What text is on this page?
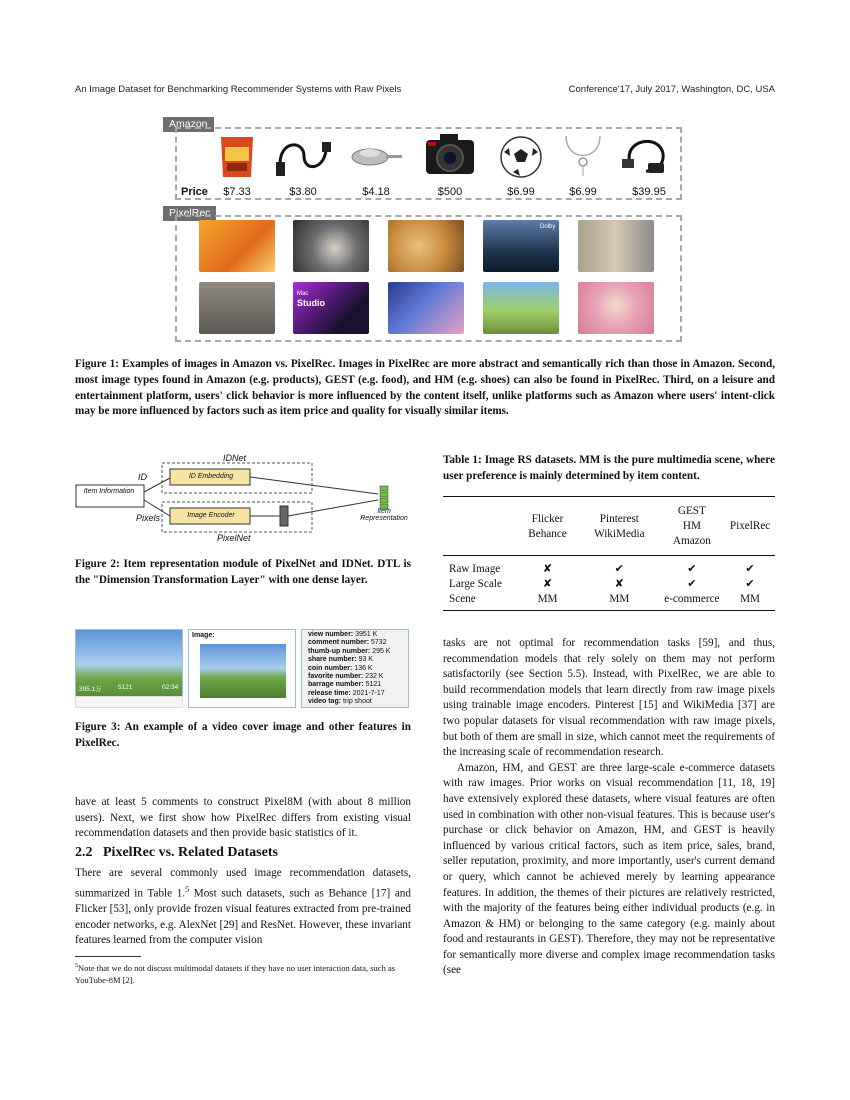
An Image Dataset for Benchmarking Recommender Systems with Raw Pixels	Conference'17, July 2017, Washington, DC, USA
Amazon
Price	$7.33	$3.80	$4.18	$500	$6.99	$6.99	$39.95
PixelRec
Dolby
Mac
Studio
Figure 1: Examples of images in Amazon vs. PixelRec. Images in PixelRec are more abstract and semantically rich than those in Amazon. Second, most image types found in Amazon (e.g. products), GEST (e.g. food), and HM (e.g. shoes) can also be found in PixelRec. Third, on a leisure and entertainment platform, users' click behavior is more influenced by the content itself, unlike platforms such as Amazon where users' intent-click may be more influenced by factors such as item price and quality for visually similar items.
IDNet
PixelNet
ID
Pixels
Item Information
ID Embedding
Image Encoder
Item Representation
Figure 2: Item representation module of PixelNet and IDNet. DTL is the "Dimension Transformation Layer" with one dense layer.
395.1万 5121	02:34
Image:	view number: 3951 K
comment number: 5732
thumb-up number: 295 K
share number: 93 K
coin number: 136 K
favorite number: 232 K
barrage number: 5121
release time: 2021-7-17
video tag: trip shoot
Figure 3: An example of a video cover image and other features in PixelRec.
have at least 5 comments to construct Pixel8M (with about 8 million users). Next, we first show how PixelRec differs from existing visual recommendation datasets and then provide basic statistics of it.
2.2 PixelRec vs. Related Datasets
There are several commonly used image recommendation datasets, summarized in Table 1.$^5$ Most such datasets, such as Behance [17] and Flicker [53], only provide frozen visual features extracted from pre-trained encoder networks, e.g. AlexNet [29] and ResNet. However, these invariant features learned from the computer vision
$^5$Note that we do not discuss multimodal datasets if they have no user interaction data, such as YouTube-8M [2].
Table 1: Image RS datasets. MM is the pure multimedia scene, where user preference is mainly determined by item content.

	Flicker Behance	Pinterest WikiMedia	GEST HM Amazon	PixelRec

Raw Image	✘	✔	✔	✔
Large Scale	✘	✘	✔	✔
Scene	MM	MM	e-commerce	MM

tasks are not optimal for recommendation tasks [59], and thus, recommendation models that rely solely on them may not perform satisfactorily (see Section 5.5). Instead, with PixelRec, we are able to build recommendation models that learn directly from raw image pixels using trainable image encoders. Pinterest [15] and WikiMedia [37] are two popular datasets for visual recommendation with raw image pixels, but both of them are small in size, which cannot meet the requirements of the increasing scale of recommendation research.

Amazon, HM, and GEST are three large-scale e-commerce datasets with raw images. Prior works on visual recommendation [11, 18, 19] have extensively explored these datasets, where visual features are often used in combination with other non-visual features. This is because user's purchase or click behavior on Amazon, HM, and GEST is heavily influenced by various critical factors, such as item price, sales, brand, seller reputation, proximity, and more importantly, user's current demand or query, which cannot be achieved merely by learning appearance features. In addition, the themes of their pictures are relatively restricted, with the majority of the features being either individual products (e.g. in Amazon & HM) or belonging to the same category (e.g. mainly about food and restaurants in GEST). Therefore, they may not be representative for semantically more diverse and complex image recommendation tasks (see
